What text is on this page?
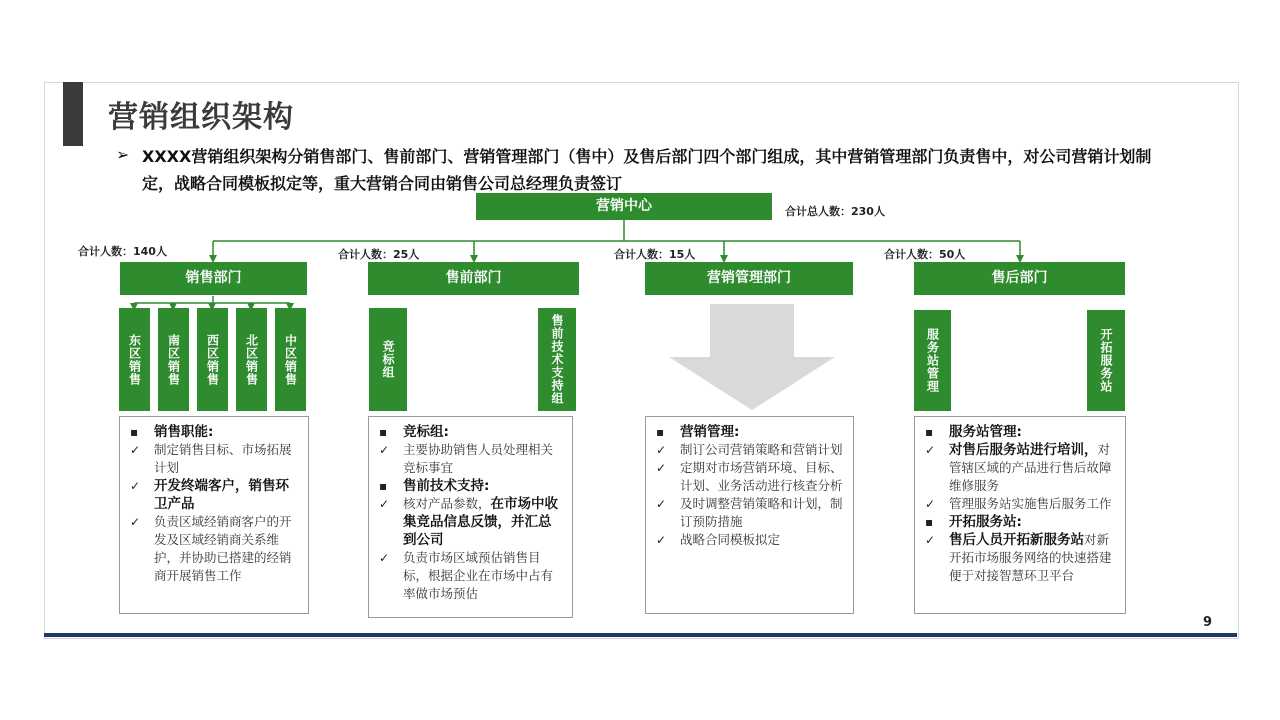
营销组织架构
➢ XXXX营销组织架构分销售部门、售前部门、营销管理部门（售中）及售后部门四个部门组成，其中营销管理部门负责售中，对公司营销计划制定，战略合同模板拟定等，重大营销合同由销售公司总经理负责签订
营销中心	合计总人数：230人
合计人数：140人	合计人数：25人	合计人数：15人	合计人数：50人
销售部门	售前部门	营销管理部门	售后部门
东区销售	南区销售	西区销售	北区销售	中区销售	竞标组	售前技术支持组	服务站管理	开拓服务站
▪	销售职能:
✓	制定销售目标、市场拓展计划
✓	开发终端客户，销售环卫产品
✓	负责区域经销商客户的开发及区域经销商关系维护，并协助已搭建的经销商开展销售工作
▪	竞标组:
✓	主要协助销售人员处理相关竞标事宜
▪	售前技术支持:
✓	核对产品参数，在市场中收集竞品信息反馈，并汇总到公司
✓	负责市场区域预估销售目标，根据企业在市场中占有率做市场预估
▪	营销管理:
✓	制订公司营销策略和营销计划
✓	定期对市场营销环境、目标、计划、业务活动进行核查分析
✓	及时调整营销策略和计划，制订预防措施
✓	战略合同模板拟定
▪	服务站管理:
✓	对售后服务站进行培训，对管辖区域的产品进行售后故障维修服务
✓	管理服务站实施售后服务工作
▪	开拓服务站:
✓	售后人员开拓新服务站对新开拓市场服务网络的快速搭建便于对接智慧环卫平台
9
